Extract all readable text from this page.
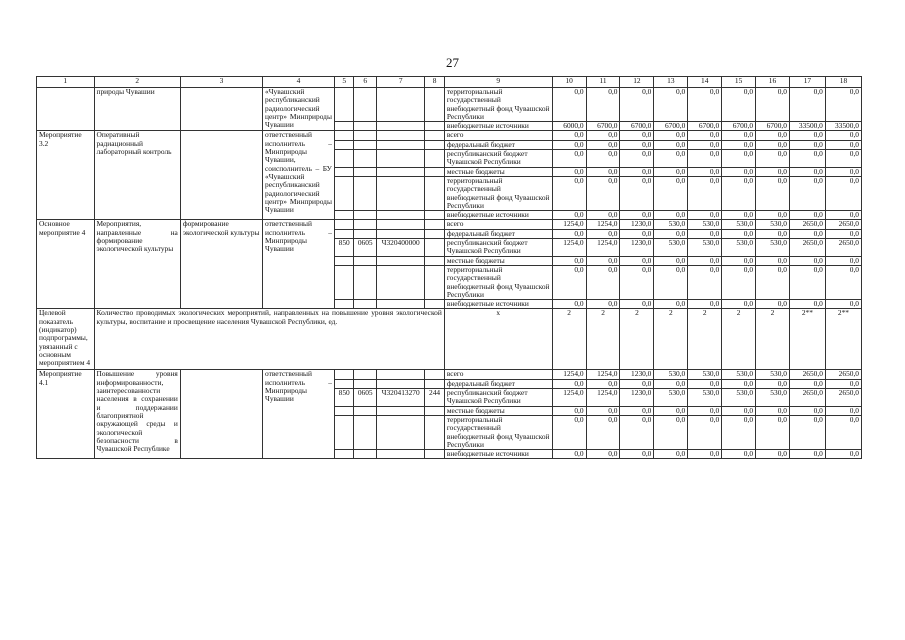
27
1	2	3	4	5	6	7	8	9	10	11	12	13	14	15	16	17	18
	природы Чувашии		«Чувашский республиканский радиологический центр» Минприроды Чувашии					территориальный государственный внебюджетный фонд Чувашской Республики	0,0	0,0	0,0	0,0	0,0	0,0	0,0	0,0	0,0
								внебюджетные источники	6000,0	6700,0	6700,0	6700,0	6700,0	6700,0	6700,0	33500,0	33500,0
Мероприятие 3.2	Оперативный радиационный лабораторный контроль		ответственный исполнитель – Минприроды Чувашии, соисполнитель – БУ «Чувашский республиканский радиологический центр» Минприроды Чувашии					всего	0,0	0,0	0,0	0,0	0,0	0,0	0,0	0,0	0,0
								федеральный бюджет	0,0	0,0	0,0	0,0	0,0	0,0	0,0	0,0	0,0
								республиканский бюджет Чувашской Республики	0,0	0,0	0,0	0,0	0,0	0,0	0,0	0,0	0,0
								местные бюджеты	0,0	0,0	0,0	0,0	0,0	0,0	0,0	0,0	0,0
								территориальный государственный внебюджетный фонд Чувашской Республики	0,0	0,0	0,0	0,0	0,0	0,0	0,0	0,0	0,0
								внебюджетные источники	0,0	0,0	0,0	0,0	0,0	0,0	0,0	0,0	0,0
Основное мероприятие 4	Мероприятия, направленные на формирование экологической культуры	формирование экологической культуры	ответственный исполнитель – Минприроды Чувашии					всего	1254,0	1254,0	1230,0	530,0	530,0	530,0	530,0	2650,0	2650,0
								федеральный бюджет	0,0	0,0	0,0	0,0	0,0	0,0	0,0	0,0	0,0
				850	0605	Ч320400000		республиканский бюджет Чувашской Республики	1254,0	1254,0	1230,0	530,0	530,0	530,0	530,0	2650,0	2650,0
								местные бюджеты	0,0	0,0	0,0	0,0	0,0	0,0	0,0	0,0	0,0
								территориальный государственный внебюджетный фонд Чувашской Республики	0,0	0,0	0,0	0,0	0,0	0,0	0,0	0,0	0,0
								внебюджетные источники	0,0	0,0	0,0	0,0	0,0	0,0	0,0	0,0	0,0
Целевой показатель (индикатор) подпрограммы, увязанный с основным мероприятием 4	Количество проводимых экологических мероприятий, направленных на повышение уровня экологической культуры, воспитание и просвещение населения Чувашской Республики, ед.							x	2	2	2	2	2	2	2	2**	2**
Мероприятие 4.1	Повышение уровня информированности, заинтересованности населения в сохранении и поддержании благоприятной окружающей среды и экологической безопасности в Чувашской Республике		ответственный исполнитель – Минприроды Чувашии					всего	1254,0	1254,0	1230,0	530,0	530,0	530,0	530,0	2650,0	2650,0
								федеральный бюджет	0,0	0,0	0,0	0,0	0,0	0,0	0,0	0,0	0,0
				850	0605	Ч320413270	244	республиканский бюджет Чувашской Республики	1254,0	1254,0	1230,0	530,0	530,0	530,0	530,0	2650,0	2650,0
								местные бюджеты	0,0	0,0	0,0	0,0	0,0	0,0	0,0	0,0	0,0
								территориальный государственный внебюджетный фонд Чувашской Республики	0,0	0,0	0,0	0,0	0,0	0,0	0,0	0,0	0,0
								внебюджетные источники	0,0	0,0	0,0	0,0	0,0	0,0	0,0	0,0	0,0
